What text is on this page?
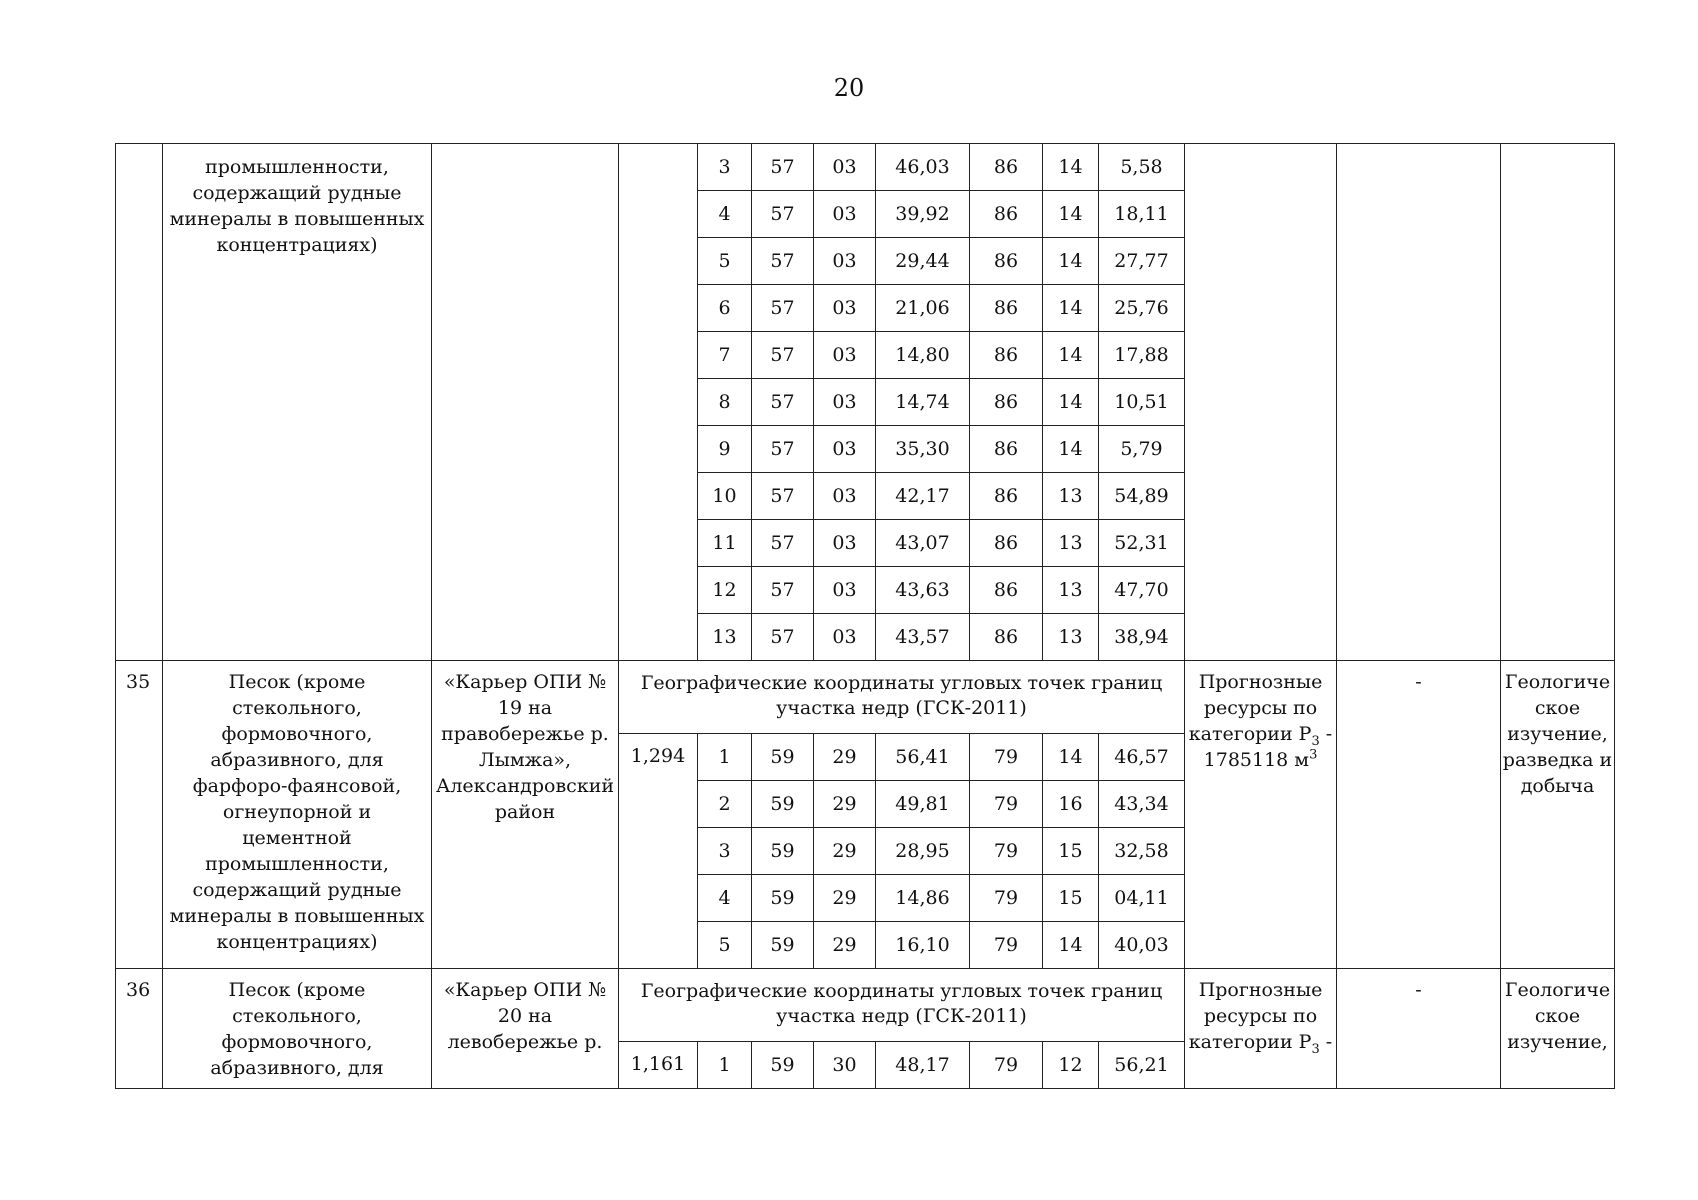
20
	промышленности, содержащий рудные минералы в повышенных концентрациях)			3	57	03	46,03	86	14	5,58			
				4	57	03	39,92	86	14	18,11			
				5	57	03	29,44	86	14	27,77			
				6	57	03	21,06	86	14	25,76			
				7	57	03	14,80	86	14	17,88			
				8	57	03	14,74	86	14	10,51			
				9	57	03	35,30	86	14	5,79			
				10	57	03	42,17	86	13	54,89			
				11	57	03	43,07	86	13	52,31			
				12	57	03	43,63	86	13	47,70			
				13	57	03	43,57	86	13	38,94			
35	Песок (кроме стекольного, формовочного, абразивного, для фарфоро-фаянсовой, огнеупорной и цементной промышленности, содержащий рудные минералы в повышенных концентрациях)	«Карьер ОПИ № 19 на правобережье р. Лымжа», Александровский район	Географические координаты угловых точек границ участка недр (ГСК-2011)								Прогнозные ресурсы по категории $P_3 - 1785118$ $м^3$	-	Геологиче ское изучение, разведка и добыча
			1,294	1	59	29	56,41	79	14	46,57			
				2	59	29	49,81	79	16	43,34			
				3	59	29	28,95	79	15	32,58			
				4	59	29	14,86	79	15	04,11			
				5	59	29	16,10	79	14	40,03			
36	Песок (кроме стекольного, формовочного, абразивного, для	«Карьер ОПИ № 20 на левобережье р.	Географические координаты угловых точек границ участка недр (ГСК-2011)								Прогнозные ресурсы по категории $P_3$ -	-	Геологиче ское изучение,
			1,161	1	59	30	48,17	79	12	56,21			
